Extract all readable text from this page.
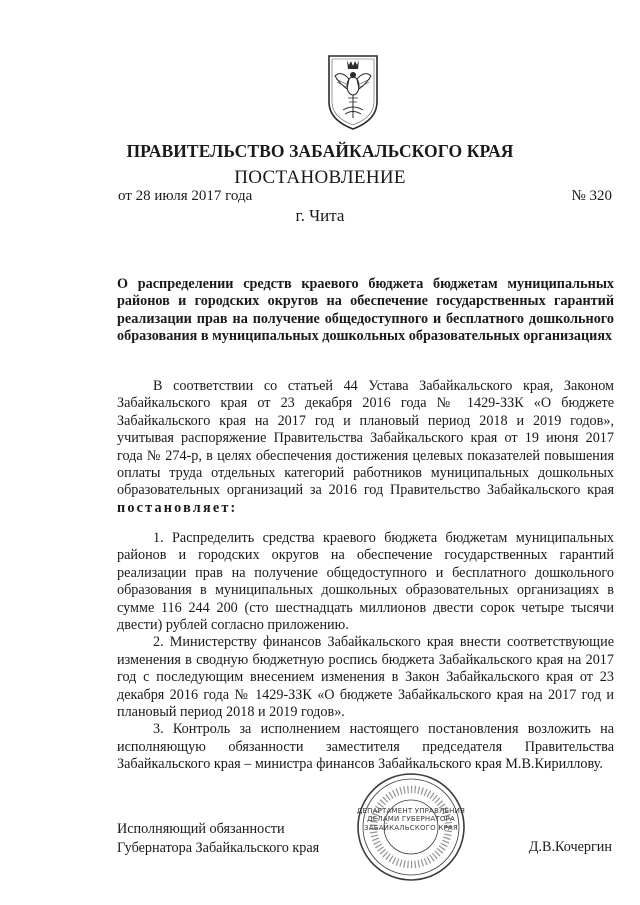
ПРАВИТЕЛЬСТВО ЗАБАЙКАЛЬСКОГО КРАЯ
ПОСТАНОВЛЕНИЕ
от 28 июля 2017 года	№ 320
г. Чита
О распределении средств краевого бюджета бюджетам муниципальных районов и городских округов на обеспечение государственных гарантий реализации прав на получение общедоступного и бесплатного дошкольного образования в муниципальных дошкольных образовательных организациях
В соответствии со статьей 44 Устава Забайкальского края, Законом Забайкальского края от 23 декабря 2016 года № 1429-ЗЗК «О бюджете Забайкальского края на 2017 год и плановый период 2018 и 2019 годов», учитывая распоряжение Правительства Забайкальского края от 19 июня 2017 года № 274-р, в целях обеспечения достижения целевых показателей повышения оплаты труда отдельных категорий работников муниципальных дошкольных образовательных организаций за 2016 год Правительство Забайкальского края постановляет:

1. Распределить средства краевого бюджета бюджетам муниципальных районов и городских округов на обеспечение государственных гарантий реализации прав на получение общедоступного и бесплатного дошкольного образования в муниципальных дошкольных образовательных организациях в сумме 116 244 200 (сто шестнадцать миллионов двести сорок четыре тысячи двести) рублей согласно приложению.

2. Министерству финансов Забайкальского края внести соответствующие изменения в сводную бюджетную роспись бюджета Забайкальского края на 2017 год с последующим внесением изменения в Закон Забайкальского края от 23 декабря 2016 года № 1429-ЗЗК «О бюджете Забайкальского края на 2017 год и плановый период 2018 и 2019 годов».

3. Контроль за исполнением настоящего постановления возложить на исполняющую обязанности заместителя председателя Правительства Забайкальского края – министра финансов Забайкальского края М.В.Кириллову.

Исполняющий обязанности
Губернатора Забайкальского края
ДЕПАРТАМЕНТ УПРАВЛЕНИЯ ДЕЛАМИ ГУБЕРНАТОРА ЗАБАЙКАЛЬСКОГО КРАЯ
Д.В.Кочергин
